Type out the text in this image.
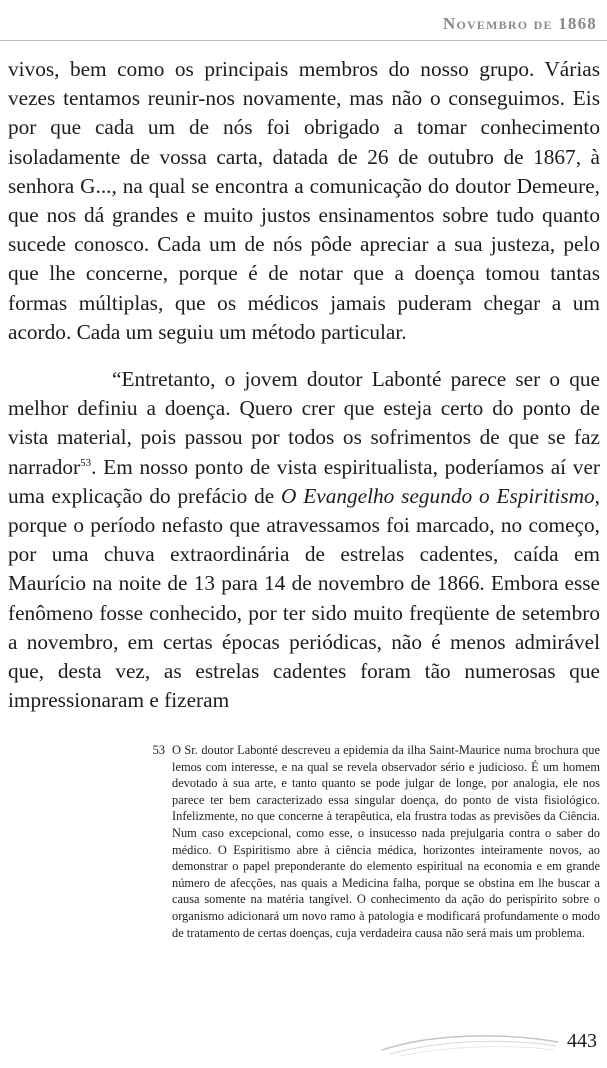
Novembro de 1868

vivos, bem como os principais membros do nosso grupo. Várias vezes tentamos reunir-nos novamente, mas não o conseguimos. Eis por que cada um de nós foi obrigado a tomar conhecimento isoladamente de vossa carta, datada de 26 de outubro de 1867, à senhora G..., na qual se encontra a comunicação do doutor Demeure, que nos dá grandes e muito justos ensinamentos sobre tudo quanto sucede conosco. Cada um de nós pôde apreciar a sua justeza, pelo que lhe concerne, porque é de notar que a doença tomou tantas formas múltiplas, que os médicos jamais puderam chegar a um acordo. Cada um seguiu um método particular.

“Entretanto, o jovem doutor Labonté parece ser o que melhor definiu a doença. Quero crer que esteja certo do ponto de vista material, pois passou por todos os sofrimentos de que se faz narrador$^{53}$. Em nosso ponto de vista espiritualista, poderíamos aí ver uma explicação do prefácio de O Evangelho segundo o Espiritismo, porque o período nefasto que atravessamos foi marcado, no começo, por uma chuva extraordinária de estrelas cadentes, caída em Maurício na noite de 13 para 14 de novembro de 1866. Embora esse fenômeno fosse conhecido, por ter sido muito freqüente de setembro a novembro, em certas épocas periódicas, não é menos admirável que, desta vez, as estrelas cadentes foram tão numerosas que impressionaram e fizeram

53 O Sr. doutor Labonté descreveu a epidemia da ilha Saint-Maurice numa brochura que lemos com interesse, e na qual se revela observador sério e judicioso. É um homem devotado à sua arte, e tanto quanto se pode julgar de longe, por analogia, ele nos parece ter bem caracterizado essa singular doença, do ponto de vista fisiológico. Infelizmente, no que concerne à terapêutica, ela frustra todas as previsões da Ciência. Num caso excepcional, como esse, o insucesso nada prejulgaria contra o saber do médico. O Espiritismo abre à ciência médica, horizontes inteiramente novos, ao demonstrar o papel preponderante do elemento espiritual na economia e em grande número de afecções, nas quais a Medicina falha, porque se obstina em lhe buscar a causa somente na matéria tangível. O conhecimento da ação do perispírito sobre o organismo adicionará um novo ramo à patologia e modificará profundamente o modo de tratamento de certas doenças, cuja verdadeira causa não será mais um problema.
443
